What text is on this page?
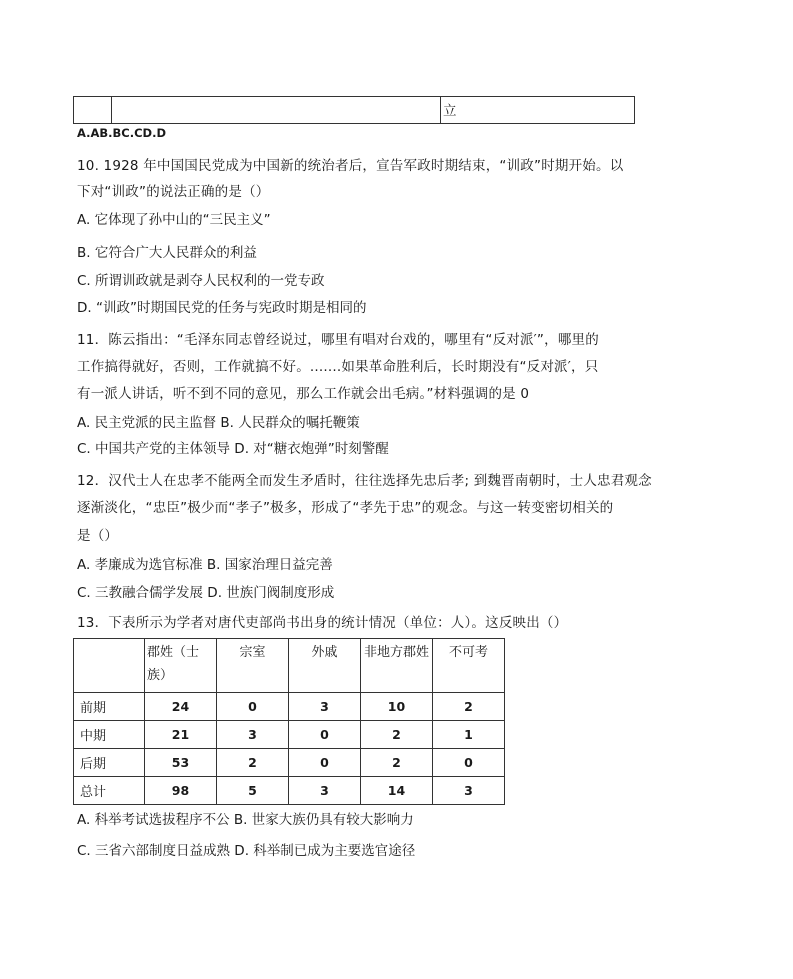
立
A.AB.BC.CD.D
10. 1928 年中国国民党成为中国新的统治者后，宣告军政时期结束，“训政”时期开始。以
下对“训政”的说法正确的是（）
A. 它体现了孙中山的“三民主义”
B. 它符合广大人民群众的利益
C. 所谓训政就是剥夺人民权利的一党专政
D. “训政”时期国民党的任务与宪政时期是相同的
11．陈云指出：“毛泽东同志曾经说过，哪里有唱对台戏的，哪里有“反对派′”，哪里的
工作搞得就好，否则，工作就搞不好。.......如果革命胜利后，长时期没有“反对派′，只
有一派人讲话，听不到不同的意见，那么工作就会出毛病。”材料强调的是 0
A. 民主党派的民主监督 B. 人民群众的嘱托鞭策
C. 中国共产党的主体领导 D. 对“糖衣炮弹”时刻警醒
12．汉代士人在忠孝不能两全而发生矛盾时，往往选择先忠后孝; 到魏晋南朝时，士人忠君观念
逐渐淡化，“忠臣”极少而“孝子”极多，形成了“孝先于忠”的观念。与这一转变密切相关的
是（）
A. 孝廉成为选官标准 B. 国家治理日益完善
C. 三教融合儒学发展 D. 世族门阀制度形成
13．下表所示为学者对唐代吏部尚书出身的统计情况（单位：人）。这反映出（）
	郡姓（士族）	宗室	外戚	非地方郡姓	不可考
前期	24	0	3	10	2
中期	21	3	0	2	1
后期	53	2	0	2	0
总计	98	5	3	14	3
A. 科举考试选拔程序不公 B. 世家大族仍具有较大影响力
C. 三省六部制度日益成熟 D. 科举制已成为主要选官途径
